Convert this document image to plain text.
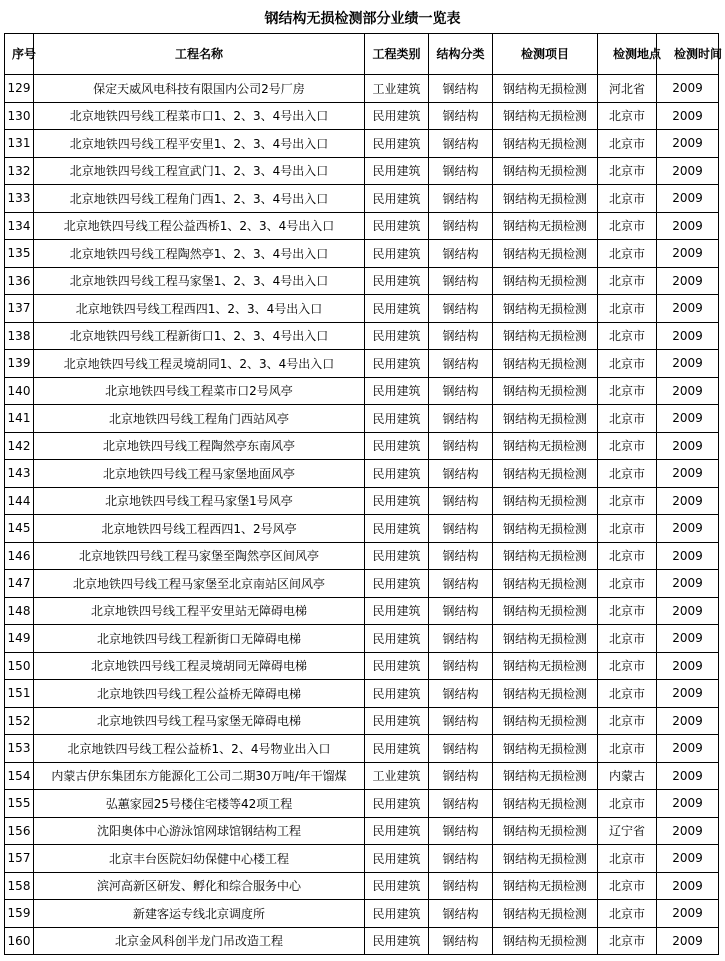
钢结构无损检测部分业绩一览表
序号	工程名称	工程类别	结构分类	检测项目	检测地点	检测时间
129	保定天威风电科技有限国内公司2号厂房	工业建筑	钢结构	钢结构无损检测	河北省	2009
130	北京地铁四号线工程菜市口1、2、3、4号出入口	民用建筑	钢结构	钢结构无损检测	北京市	2009
131	北京地铁四号线工程平安里1、2、3、4号出入口	民用建筑	钢结构	钢结构无损检测	北京市	2009
132	北京地铁四号线工程宣武门1、2、3、4号出入口	民用建筑	钢结构	钢结构无损检测	北京市	2009
133	北京地铁四号线工程角门西1、2、3、4号出入口	民用建筑	钢结构	钢结构无损检测	北京市	2009
134	北京地铁四号线工程公益西桥1、2、3、4号出入口	民用建筑	钢结构	钢结构无损检测	北京市	2009
135	北京地铁四号线工程陶然亭1、2、3、4号出入口	民用建筑	钢结构	钢结构无损检测	北京市	2009
136	北京地铁四号线工程马家堡1、2、3、4号出入口	民用建筑	钢结构	钢结构无损检测	北京市	2009
137	北京地铁四号线工程西四1、2、3、4号出入口	民用建筑	钢结构	钢结构无损检测	北京市	2009
138	北京地铁四号线工程新街口1、2、3、4号出入口	民用建筑	钢结构	钢结构无损检测	北京市	2009
139	北京地铁四号线工程灵境胡同1、2、3、4号出入口	民用建筑	钢结构	钢结构无损检测	北京市	2009
140	北京地铁四号线工程菜市口2号风亭	民用建筑	钢结构	钢结构无损检测	北京市	2009
141	北京地铁四号线工程角门西站风亭	民用建筑	钢结构	钢结构无损检测	北京市	2009
142	北京地铁四号线工程陶然亭东南风亭	民用建筑	钢结构	钢结构无损检测	北京市	2009
143	北京地铁四号线工程马家堡地面风亭	民用建筑	钢结构	钢结构无损检测	北京市	2009
144	北京地铁四号线工程马家堡1号风亭	民用建筑	钢结构	钢结构无损检测	北京市	2009
145	北京地铁四号线工程西四1、2号风亭	民用建筑	钢结构	钢结构无损检测	北京市	2009
146	北京地铁四号线工程马家堡至陶然亭区间风亭	民用建筑	钢结构	钢结构无损检测	北京市	2009
147	北京地铁四号线工程马家堡至北京南站区间风亭	民用建筑	钢结构	钢结构无损检测	北京市	2009
148	北京地铁四号线工程平安里站无障碍电梯	民用建筑	钢结构	钢结构无损检测	北京市	2009
149	北京地铁四号线工程新街口无障碍电梯	民用建筑	钢结构	钢结构无损检测	北京市	2009
150	北京地铁四号线工程灵境胡同无障碍电梯	民用建筑	钢结构	钢结构无损检测	北京市	2009
151	北京地铁四号线工程公益桥无障碍电梯	民用建筑	钢结构	钢结构无损检测	北京市	2009
152	北京地铁四号线工程马家堡无障碍电梯	民用建筑	钢结构	钢结构无损检测	北京市	2009
153	北京地铁四号线工程公益桥1、2、4号物业出入口	民用建筑	钢结构	钢结构无损检测	北京市	2009
154	内蒙古伊东集团东方能源化工公司二期30万吨/年干馏煤	工业建筑	钢结构	钢结构无损检测	内蒙古	2009
155	弘蕙家园25号楼住宅楼等42项工程	民用建筑	钢结构	钢结构无损检测	北京市	2009
156	沈阳奥体中心游泳馆网球馆钢结构工程	民用建筑	钢结构	钢结构无损检测	辽宁省	2009
157	北京丰台医院妇幼保健中心楼工程	民用建筑	钢结构	钢结构无损检测	北京市	2009
158	滨河高新区研发、孵化和综合服务中心	民用建筑	钢结构	钢结构无损检测	北京市	2009
159	新建客运专线北京调度所	民用建筑	钢结构	钢结构无损检测	北京市	2009
160	北京金风科创半龙门吊改造工程	民用建筑	钢结构	钢结构无损检测	北京市	2009
